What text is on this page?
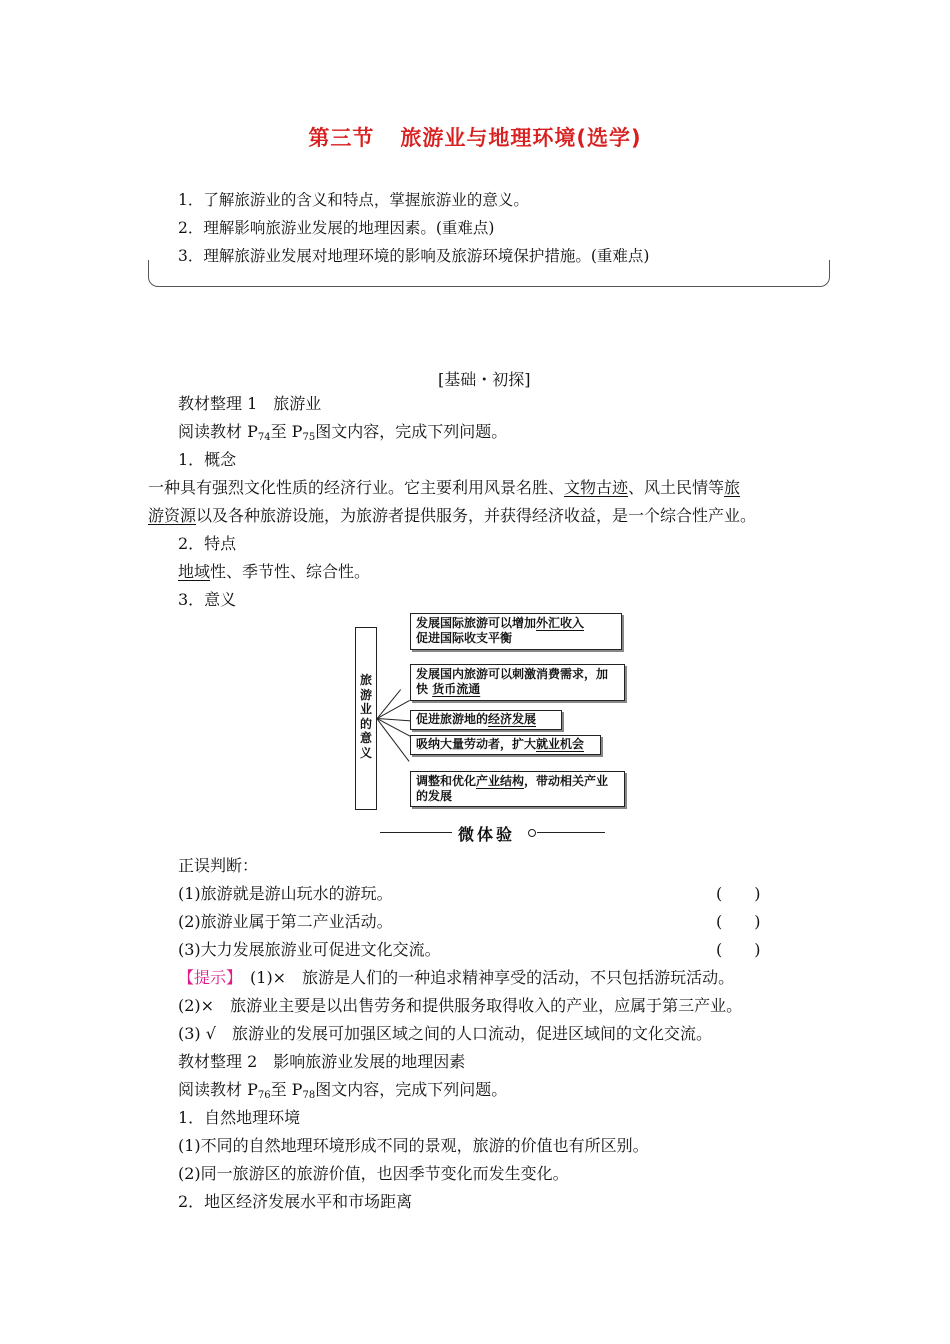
第三节 旅游业与地理环境(选学)
1．了解旅游业的含义和特点，掌握旅游业的意义。
2．理解影响旅游业发展的地理因素。(重难点)
3．理解旅游业发展对地理环境的影响及旅游环境保护措施。(重难点)
[基础・初探]
教材整理 1　旅游业
阅读教材 $P_{74}$至 $P_{75}$图文内容，完成下列问题。
1．概念
一种具有强烈文化性质的经济行业。它主要利用风景名胜、文物古迹、风土民情等旅
游资源以及各种旅游设施，为旅游者提供服务，并获得经济收益，是一个综合性产业。
2．特点
地域性、季节性、综合性。
3．意义
旅
游
业
的
意
义
发展国际旅游可以增加外汇收入
促进国际收支平衡
发展国内旅游可以刺激消费需求，加
快 货币流通
促进旅游地的经济发展
吸纳大量劳动者，扩大就业机会
调整和优化产业结构，带动相关产业
的发展
微体验
正误判断：
(1)旅游就是游山玩水的游玩。	(　　)
(2)旅游业属于第二产业活动。	(　　)
(3)大力发展旅游业可促进文化交流。	(　　)
【提示】　(1)×　旅游是人们的一种追求精神享受的活动，不只包括游玩活动。
(2)×　旅游业主要是以出售劳务和提供服务取得收入的产业，应属于第三产业。
(3) √　旅游业的发展可加强区域之间的人口流动，促进区域间的文化交流。
教材整理 2　影响旅游业发展的地理因素
阅读教材 $P_{76}$至 $P_{78}$图文内容，完成下列问题。
1．自然地理环境
(1)不同的自然地理环境形成不同的景观，旅游的价值也有所区别。
(2)同一旅游区的旅游价值，也因季节变化而发生变化。
2．地区经济发展水平和市场距离
